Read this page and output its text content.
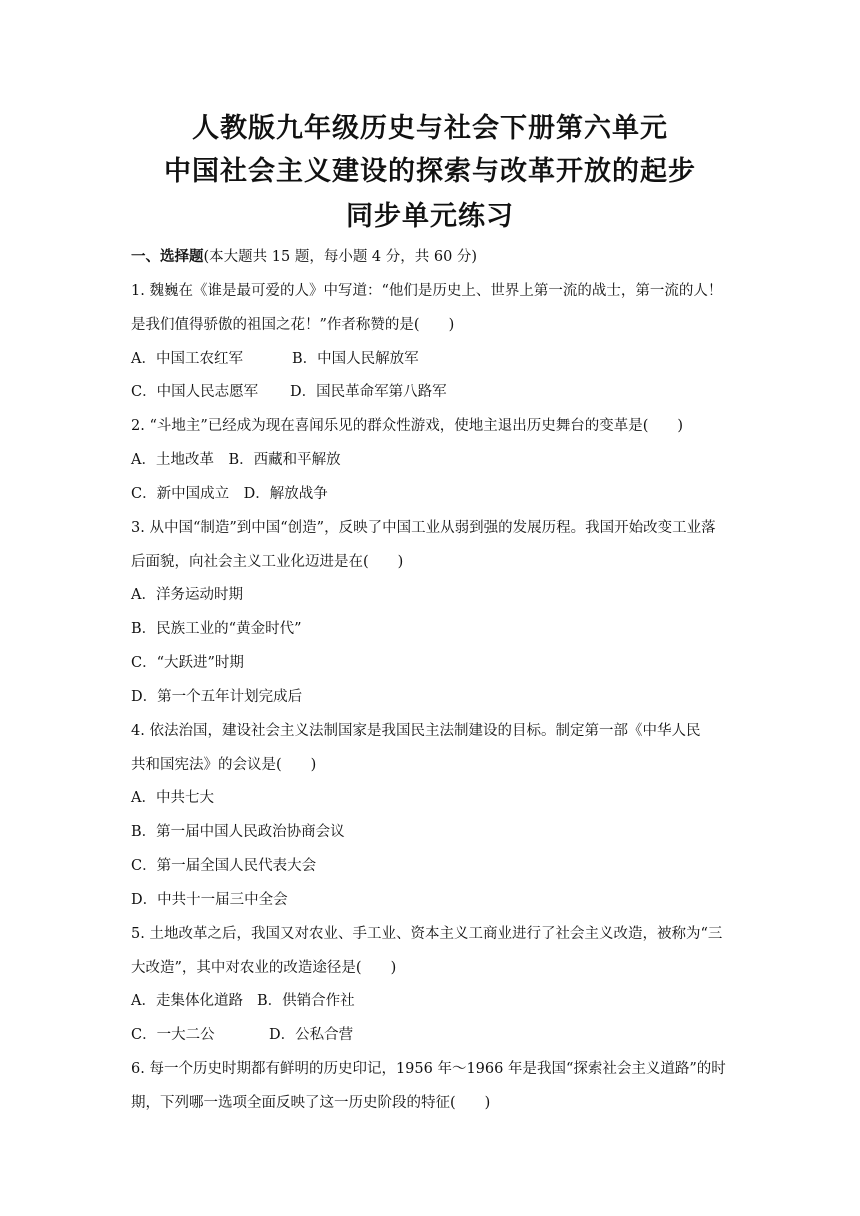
人教版九年级历史与社会下册第六单元
中国社会主义建设的探索与改革开放的起步
同步单元练习
一、选择题(本大题共 15 题，每小题 4 分，共 60 分)
1. 魏巍在《谁是最可爱的人》中写道：“他们是历史上、世界上第一流的战士，第一流的人！
是我们值得骄傲的祖国之花！”作者称赞的是(　　)
A．中国工农红军	B．中国人民解放军
C．中国人民志愿军 D．国民革命军第八路军
2. “斗地主”已经成为现在喜闻乐见的群众性游戏，使地主退出历史舞台的变革是(　　)
A．土地改革　B．西藏和平解放
C．新中国成立　D．解放战争
3. 从中国“制造”到中国“创造”，反映了中国工业从弱到强的发展历程。我国开始改变工业落
后面貌，向社会主义工业化迈进是在(　　)
A．洋务运动时期
B．民族工业的“黄金时代”
C．“大跃进”时期
D．第一个五年计划完成后
4. 依法治国，建设社会主义法制国家是我国民主法制建设的目标。制定第一部《中华人民
共和国宪法》的会议是(　　)
A．中共七大
B．第一届中国人民政治协商会议
C．第一届全国人民代表大会
D．中共十一届三中全会
5. 土地改革之后，我国又对农业、手工业、资本主义工商业进行了社会主义改造，被称为“三
大改造”，其中对农业的改造途径是(　　)
A．走集体化道路 B．供销合作社
C．一大二公	D．公私合营
6. 每一个历史时期都有鲜明的历史印记，1956 年～1966 年是我国“探索社会主义道路”的时
期，下列哪一选项全面反映了这一历史阶段的特征(　　)
